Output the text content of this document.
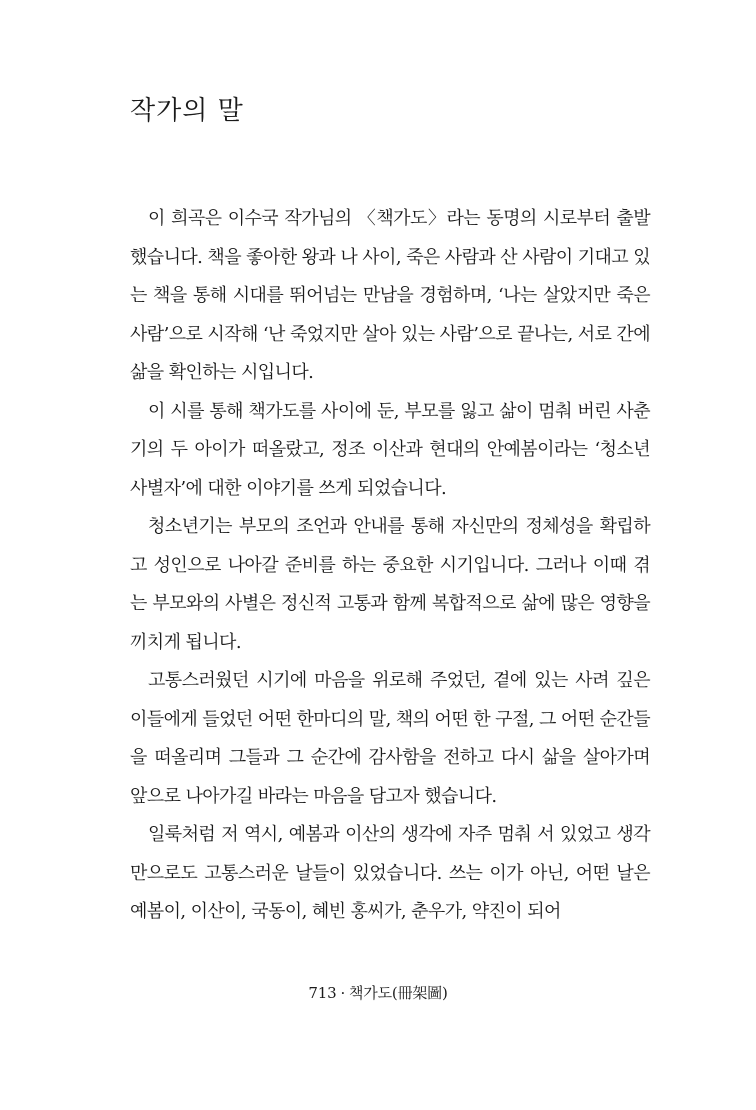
작가의 말

이 희곡은 이수국 작가님의 〈책가도〉라는 동명의 시로부터 출발했습니다. 책을 좋아한 왕과 나 사이, 죽은 사람과 산 사람이 기대고 있는 책을 통해 시대를 뛰어넘는 만남을 경험하며, ‘나는 살았지만 죽은 사람’으로 시작해 ‘난 죽었지만 살아 있는 사람’으로 끝나는, 서로 간에 삶을 확인하는 시입니다.

이 시를 통해 책가도를 사이에 둔, 부모를 잃고 삶이 멈춰 버린 사춘기의 두 아이가 떠올랐고, 정조 이산과 현대의 안예봄이라는 ‘청소년 사별자’에 대한 이야기를 쓰게 되었습니다.

청소년기는 부모의 조언과 안내를 통해 자신만의 정체성을 확립하고 성인으로 나아갈 준비를 하는 중요한 시기입니다. 그러나 이때 겪는 부모와의 사별은 정신적 고통과 함께 복합적으로 삶에 많은 영향을 끼치게 됩니다.

고통스러웠던 시기에 마음을 위로해 주었던, 곁에 있는 사려 깊은 이들에게 들었던 어떤 한마디의 말, 책의 어떤 한 구절, 그 어떤 순간들을 떠올리며 그들과 그 순간에 감사함을 전하고 다시 삶을 살아가며 앞으로 나아가길 바라는 마음을 담고자 했습니다.

일룩처럼 저 역시, 예봄과 이산의 생각에 자주 멈춰 서 있었고 생각만으로도 고통스러운 날들이 있었습니다. 쓰는 이가 아닌, 어떤 날은 예봄이, 이산이, 국동이, 혜빈 홍씨가, 춘우가, 약진이 되어

713 · 책가도(冊架圖)
